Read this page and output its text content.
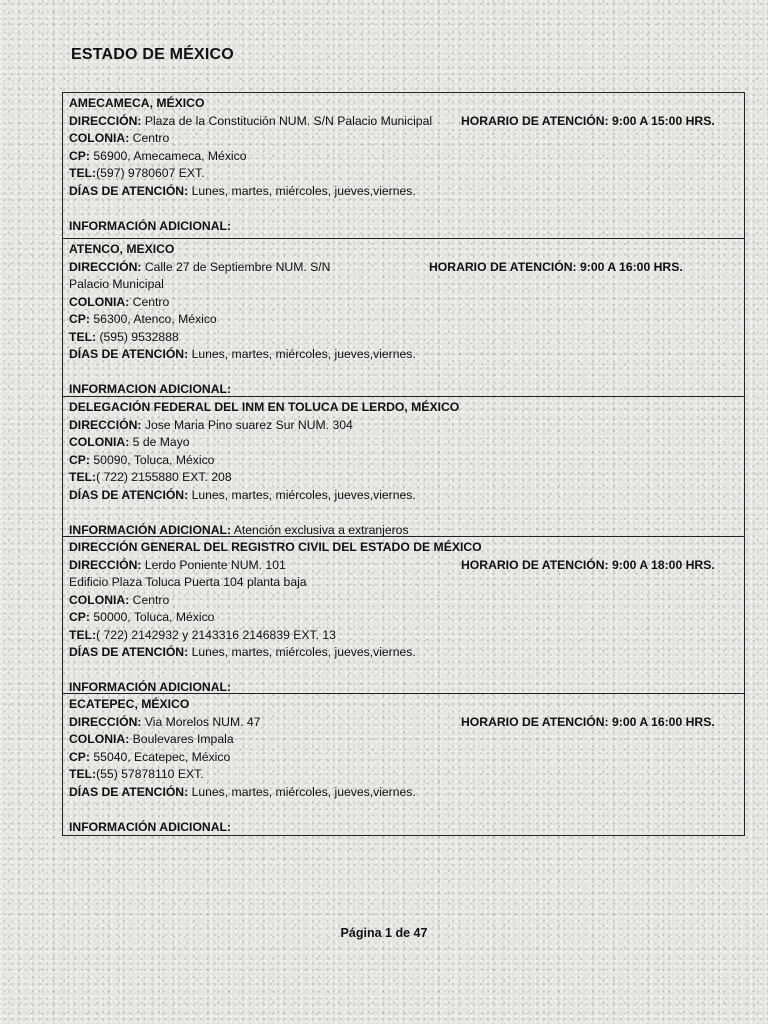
ESTADO DE MÉXICO
AMECAMECA, MÉXICO
DIRECCIÓN: Plaza de la Constitución NUM. S/N Palacio Municipal HORARIO DE ATENCIÓN: 9:00 A 15:00 HRS.
COLONIA: Centro
CP: 56900, Amecameca, México
TEL:(597) 9780607 EXT.
DÍAS DE ATENCIÓN: Lunes, martes, miércoles, jueves,viernes.
INFORMACIÓN ADICIONAL:
ATENCO, MEXICO
DIRECCIÓN: Calle 27 de Septiembre NUM. S/N	HORARIO DE ATENCIÓN: 9:00 A 16:00 HRS.
Palacio Municipal
COLONIA: Centro
CP: 56300, Atenco, México
TEL: (595) 9532888
DÍAS DE ATENCIÓN: Lunes, martes, miércoles, jueves,viernes.
INFORMACION ADICIONAL:
DELEGACIÓN FEDERAL DEL INM EN TOLUCA DE LERDO, MÉXICO
DIRECCIÓN: Jose Maria Pino suarez Sur NUM. 304
COLONIA: 5 de Mayo
CP: 50090, Toluca, México
TEL:( 722) 2155880 EXT. 208
DÍAS DE ATENCIÓN: Lunes, martes, miércoles, jueves,viernes.
INFORMACIÓN ADICIONAL: Atención exclusiva a extranjeros
DIRECCIÓN GENERAL DEL REGISTRO CIVIL DEL ESTADO DE MÉXICO
DIRECCIÓN: Lerdo Poniente NUM. 101	HORARIO DE ATENCIÓN: 9:00 A 18:00 HRS.
Edificio Plaza Toluca Puerta 104 planta baja
COLONIA: Centro
CP: 50000, Toluca, México
TEL:( 722) 2142932 y 2143316 2146839 EXT. 13
DÍAS DE ATENCIÓN: Lunes, martes, miércoles, jueves,viernes.
INFORMACIÓN ADICIONAL:
ECATEPEC, MÉXICO
DIRECCIÓN: Via Morelos NUM. 47	HORARIO DE ATENCIÓN: 9:00 A 16:00 HRS.
COLONIA: Boulevares Impala
CP: 55040, Ecatepec, México
TEL:(55) 57878110 EXT.
DÍAS DE ATENCIÓN: Lunes, martes, miércoles, jueves,viernes.
INFORMACIÓN ADICIONAL:
Página 1 de 47
